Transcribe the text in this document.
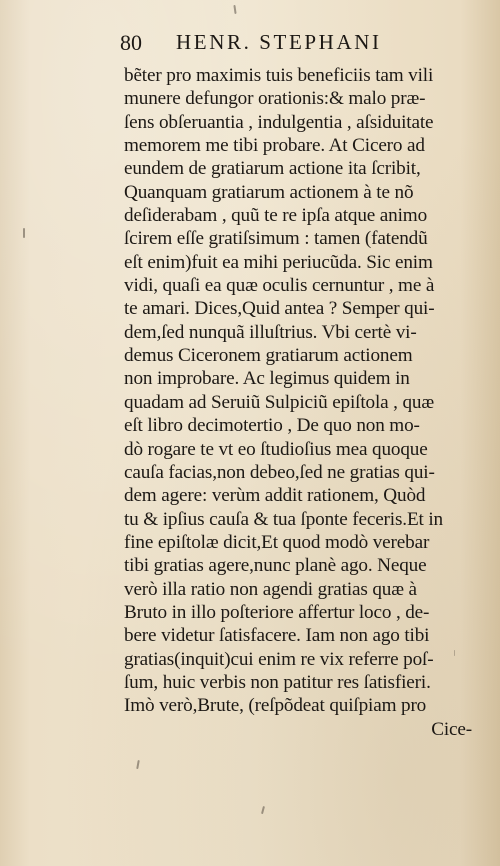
80 HENR. STEPHANI
bẽter pro maximis tuis beneficiis tam vili
munere defungor orationis:& malo præ-
ſens obſeruantia , indulgentia , aſsiduitate
memorem me tibi probare. At Cicero ad
eundem de gratiarum actione ita ſcribit,
Quanquam gratiarum actionem à te nõ
deſiderabam , quũ te re ipſa atque animo
ſcirem eſſe gratiſsimum : tamen (fatendũ
eſt enim)fuit ea mihi periucũda. Sic enim
vidi, quaſi ea quæ oculis cernuntur , me à
te amari. Dices,Quid antea ? Semper qui-
dem,ſed nunquã illuſtrius. Vbi certè vi-
demus Ciceronem gratiarum actionem
non improbare. Ac legimus quidem in
quadam ad Seruiũ Sulpiciũ epiſtola , quæ
eſt libro decimotertio , De quo non mo-
dò rogare te vt eo ſtudioſius mea quoque
cauſa facias,non debeo,ſed ne gratias qui-
dem agere: verùm addit rationem, Quòd
tu & ipſius cauſa & tua ſponte feceris.Et in
fine epiſtolæ dicit,Et quod modò verebar
tibi gratias agere,nunc planè ago. Neque
verò illa ratio non agendi gratias quæ à
Bruto in illo poſteriore affertur loco , de-
bere videtur ſatisfacere. Iam non ago tibi
gratias(inquit)cui enim re vix referre poſ-
ſum, huic verbis non patitur res ſatisfieri.
Imò verò,Brute, (reſpõdeat quiſpiam pro
Cice-
